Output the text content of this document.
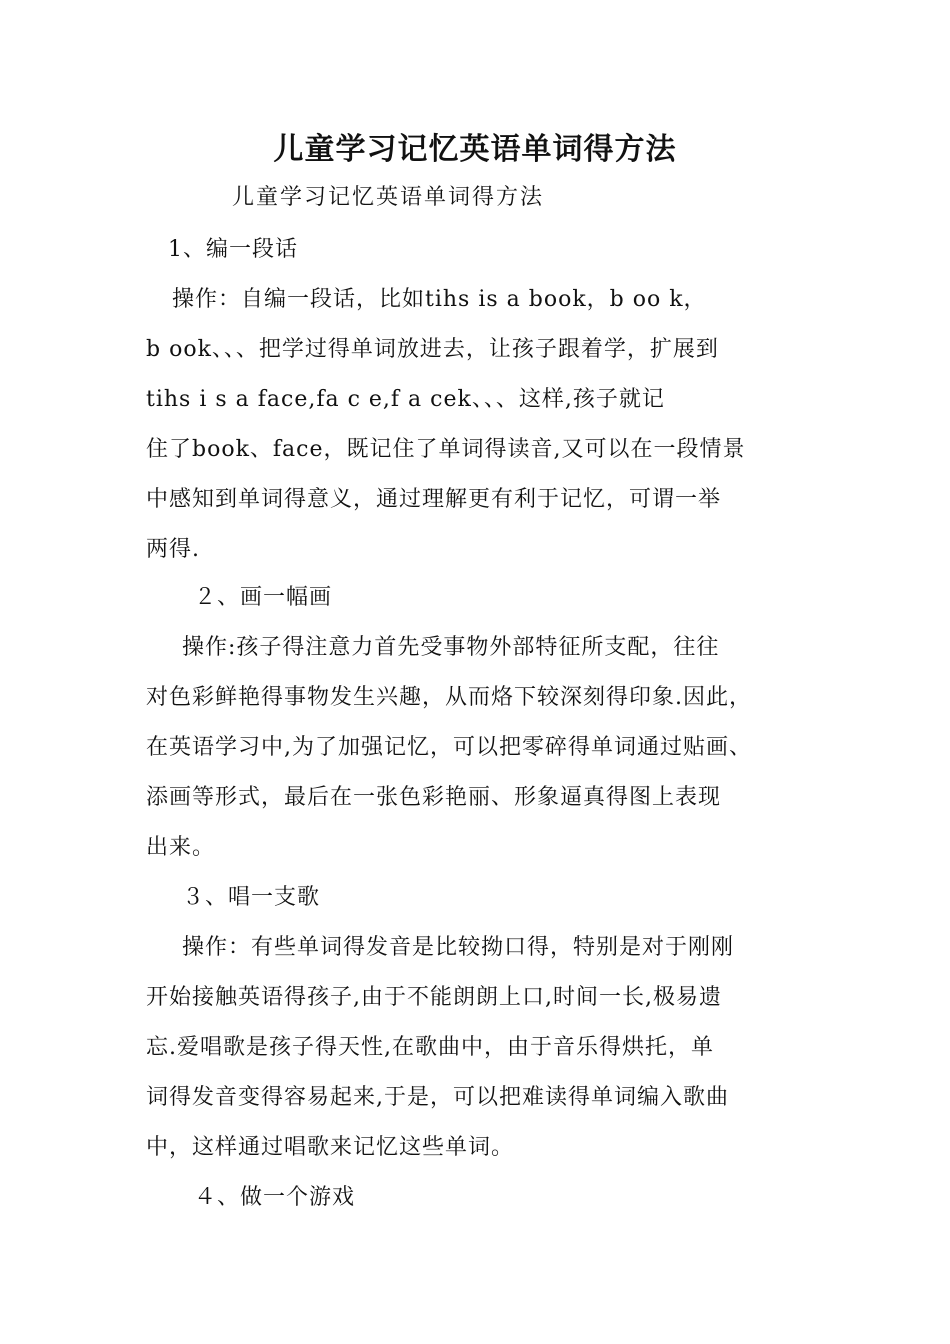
儿童学习记忆英语单词得方法
儿童学习记忆英语单词得方法
1、编一段话
操作：自编一段话，比如tihs is a book，b oo k，
b ook、、、把学过得单词放进去，让孩子跟着学，扩展到
tihs i s a face,fa c e,f a cek、、、这样,孩子就记
住了book、face，既记住了单词得读音,又可以在一段情景
中感知到单词得意义，通过理解更有利于记忆，可谓一举
两得.
２、画一幅画
操作:孩子得注意力首先受事物外部特征所支配，往往
对色彩鲜艳得事物发生兴趣，从而烙下较深刻得印象.因此，
在英语学习中,为了加强记忆，可以把零碎得单词通过贴画、
添画等形式，最后在一张色彩艳丽、形象逼真得图上表现
出来。
３、唱一支歌
操作：有些单词得发音是比较拗口得，特别是对于刚刚
开始接触英语得孩子,由于不能朗朗上口,时间一长,极易遗
忘.爱唱歌是孩子得天性,在歌曲中，由于音乐得烘托，单
词得发音变得容易起来,于是，可以把难读得单词编入歌曲
中，这样通过唱歌来记忆这些单词。
４、做一个游戏
